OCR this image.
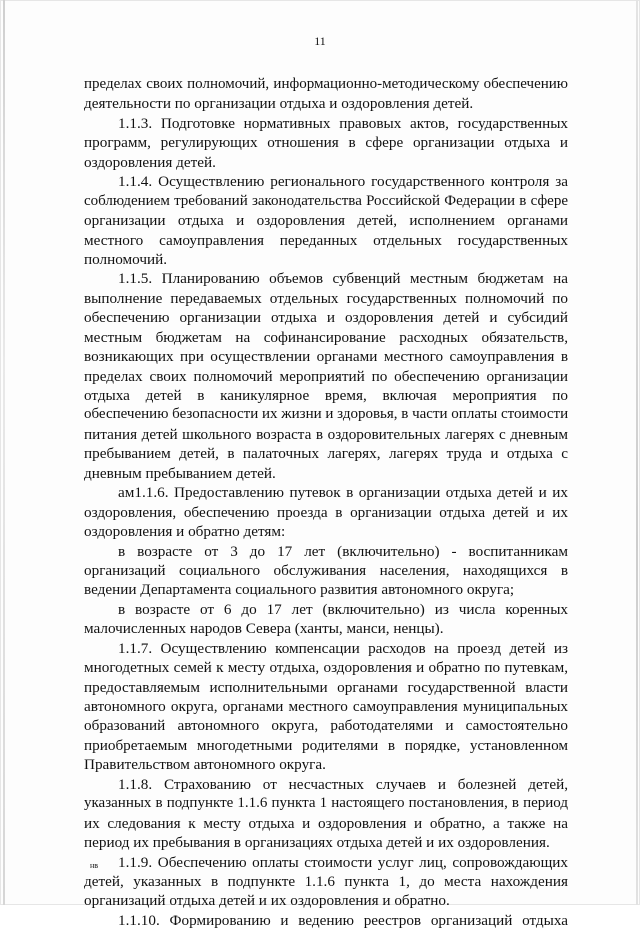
11
пределах своих полномочий, информационно-методическому обеспечению
деятельности по организации отдыха и оздоровления детей.
1.1.3. Подготовке нормативных правовых актов, государственных
программ, регулирующих отношения в сфере организации отдыха и
оздоровления детей.
1.1.4. Осуществлению регионального государственного контроля за
соблюдением требований законодательства Российской Федерации в сфере
организации отдыха и оздоровления детей, исполнением органами
местного самоуправления переданных отдельных государственных
полномочий.
1.1.5. Планированию объемов субвенций местным бюджетам на
выполнение передаваемых отдельных государственных полномочий по
обеспечению организации отдыха и оздоровления детей и субсидий
местным бюджетам на софинансирование расходных обязательств,
возникающих при осуществлении органами местного самоуправления в
пределах своих полномочий мероприятий по обеспечению организации
отдыха детей в каникулярное время, включая мероприятия по
обеспечению безопасности их жизни и здоровья, в части оплаты стоимости
питания детей школьного возраста в оздоровительных лагерях с дневным
пребыванием детей, в палаточных лагерях, лагерях труда и отдыха с
дневным пребыванием детей.
ам1.1.6. Предоставлению путевок в организации отдыха детей и их
оздоровления, обеспечению проезда в организации отдыха детей и их
оздоровления и обратно детям:
в возрасте от 3 до 17 лет (включительно) - воспитанникам
организаций социального обслуживания населения, находящихся в
ведении Департамента социального развития автономного округа;
в возрасте от 6 до 17 лет (включительно) из числа коренных
малочисленных народов Севера (ханты, манси, ненцы).
1.1.7. Осуществлению компенсации расходов на проезд детей из
многодетных семей к месту отдыха, оздоровления и обратно по путевкам,
предоставляемым исполнительными органами государственной власти
автономного округа, органами местного самоуправления муниципальных
образований автономного округа, работодателями и самостоятельно
приобретаемым многодетными родителями в порядке, установленном
Правительством автономного округа.
1.1.8. Страхованию от несчастных случаев и болезней детей,
указанных в подпункте 1.1.6 пункта 1 настоящего постановления, в период
их следования к месту отдыха и оздоровления и обратно, а также на
период их пребывания в организациях отдыха детей и их оздоровления.
1.1.9. Обеспечению оплаты стоимости услуг лиц, сопровождающих
детей, указанных в подпункте 1.1.6 пункта 1, до места нахождения
организаций отдыха детей и их оздоровления и обратно.
1.1.10. Формированию и ведению реестров организаций отдыха
нв
